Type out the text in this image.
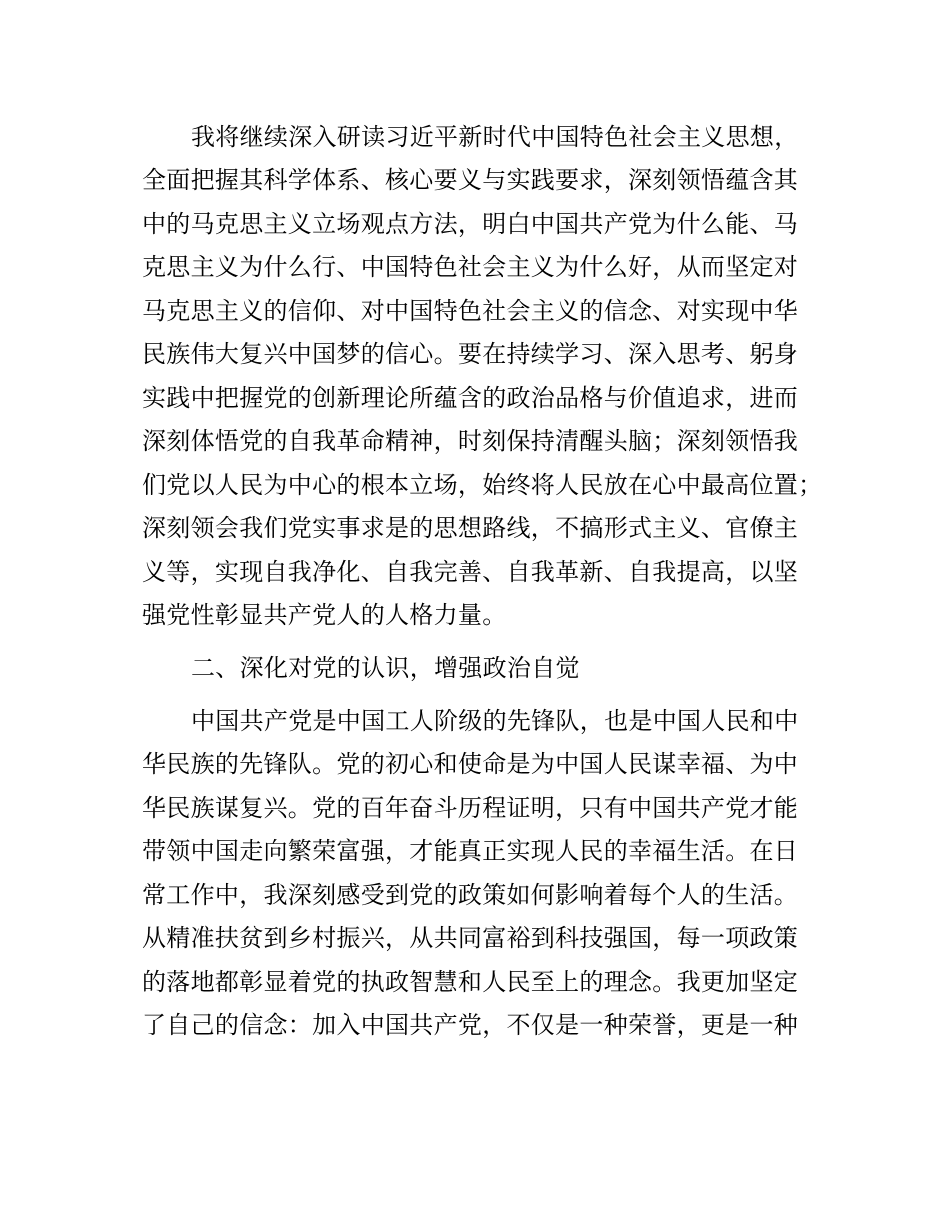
我将继续深入研读习近平新时代中国特色社会主义思想，
全面把握其科学体系、核心要义与实践要求，深刻领悟蕴含其
中的马克思主义立场观点方法，明白中国共产党为什么能、马
克思主义为什么行、中国特色社会主义为什么好，从而坚定对
马克思主义的信仰、对中国特色社会主义的信念、对实现中华
民族伟大复兴中国梦的信心。要在持续学习、深入思考、躬身
实践中把握党的创新理论所蕴含的政治品格与价值追求，进而
深刻体悟党的自我革命精神，时刻保持清醒头脑；深刻领悟我
们党以人民为中心的根本立场，始终将人民放在心中最高位置；
深刻领会我们党实事求是的思想路线，不搞形式主义、官僚主
义等，实现自我净化、自我完善、自我革新、自我提高，以坚
强党性彰显共产党人的人格力量。
二、深化对党的认识，增强政治自觉
中国共产党是中国工人阶级的先锋队，也是中国人民和中
华民族的先锋队。党的初心和使命是为中国人民谋幸福、为中
华民族谋复兴。党的百年奋斗历程证明，只有中国共产党才能
带领中国走向繁荣富强，才能真正实现人民的幸福生活。在日
常工作中，我深刻感受到党的政策如何影响着每个人的生活。
从精准扶贫到乡村振兴，从共同富裕到科技强国，每一项政策
的落地都彰显着党的执政智慧和人民至上的理念。我更加坚定
了自己的信念：加入中国共产党，不仅是一种荣誉，更是一种
